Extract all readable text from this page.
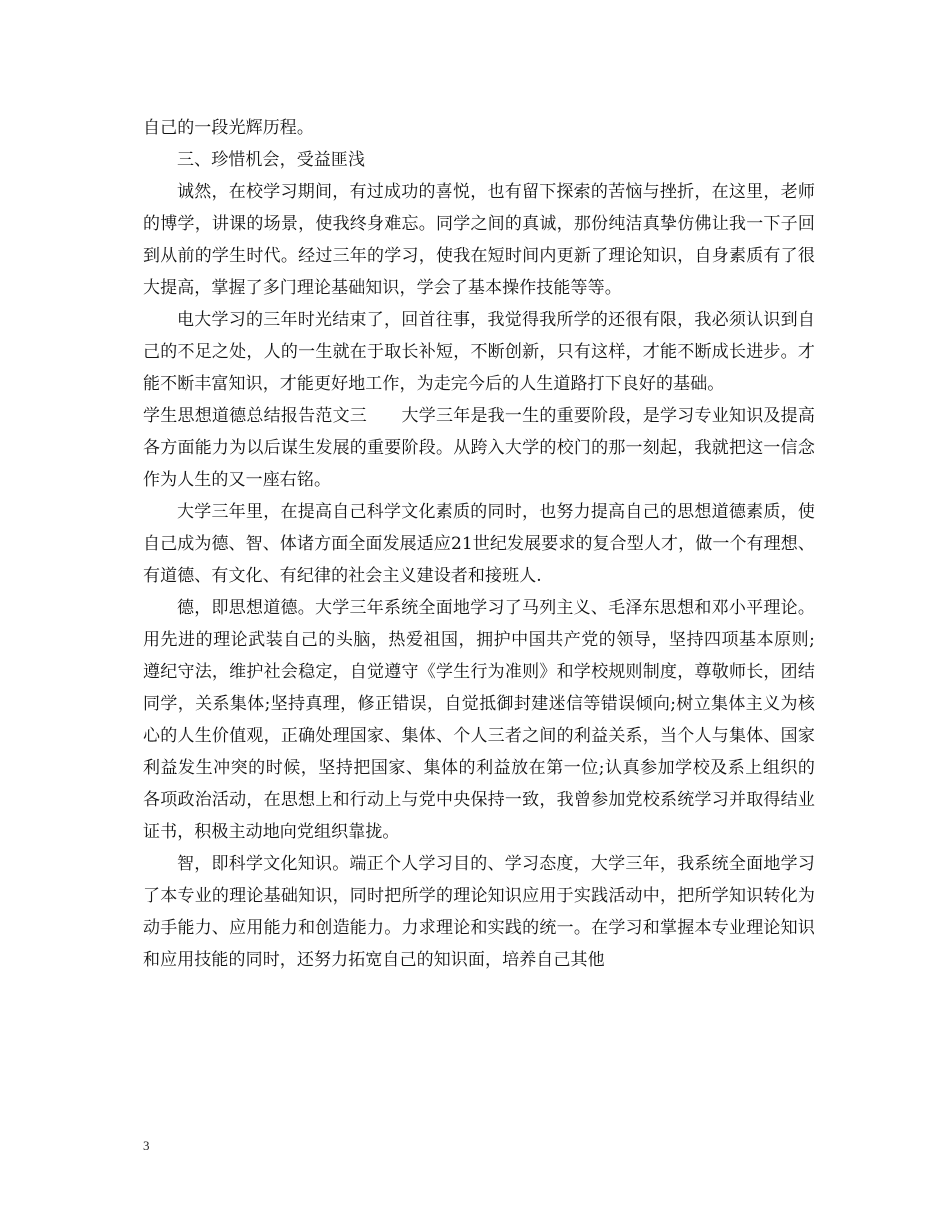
自己的一段光辉历程。

三、珍惜机会，受益匪浅

诚然，在校学习期间，有过成功的喜悦，也有留下探索的苦恼与挫折，在这里，老师的博学，讲课的场景，使我终身难忘。同学之间的真诚，那份纯洁真挚仿佛让我一下子回到从前的学生时代。经过三年的学习，使我在短时间内更新了理论知识，自身素质有了很大提高，掌握了多门理论基础知识，学会了基本操作技能等等。

电大学习的三年时光结束了，回首往事，我觉得我所学的还很有限，我必须认识到自己的不足之处，人的一生就在于取长补短，不断创新，只有这样，才能不断成长进步。才能不断丰富知识，才能更好地工作，为走完今后的人生道路打下良好的基础。

学生思想道德总结报告范文三　　大学三年是我一生的重要阶段，是学习专业知识及提高各方面能力为以后谋生发展的重要阶段。从跨入大学的校门的那一刻起，我就把这一信念作为人生的又一座右铭。

大学三年里，在提高自己科学文化素质的同时，也努力提高自己的思想道德素质，使自己成为德、智、体诸方面全面发展适应21世纪发展要求的复合型人才，做一个有理想、有道德、有文化、有纪律的社会主义建设者和接班人.

德，即思想道德。大学三年系统全面地学习了马列主义、毛泽东思想和邓小平理论。用先进的理论武装自己的头脑，热爱祖国，拥护中国共产党的领导，坚持四项基本原则;遵纪守法，维护社会稳定，自觉遵守《学生行为准则》和学校规则制度，尊敬师长，团结同学，关系集体;坚持真理，修正错误，自觉抵御封建迷信等错误倾向;树立集体主义为核心的人生价值观，正确处理国家、集体、个人三者之间的利益关系，当个人与集体、国家利益发生冲突的时候，坚持把国家、集体的利益放在第一位;认真参加学校及系上组织的各项政治活动，在思想上和行动上与党中央保持一致，我曾参加党校系统学习并取得结业证书，积极主动地向党组织靠拢。

智，即科学文化知识。端正个人学习目的、学习态度，大学三年，我系统全面地学习了本专业的理论基础知识，同时把所学的理论知识应用于实践活动中，把所学知识转化为动手能力、应用能力和创造能力。力求理论和实践的统一。在学习和掌握本专业理论知识和应用技能的同时，还努力拓宽自己的知识面，培养自己其他

3
